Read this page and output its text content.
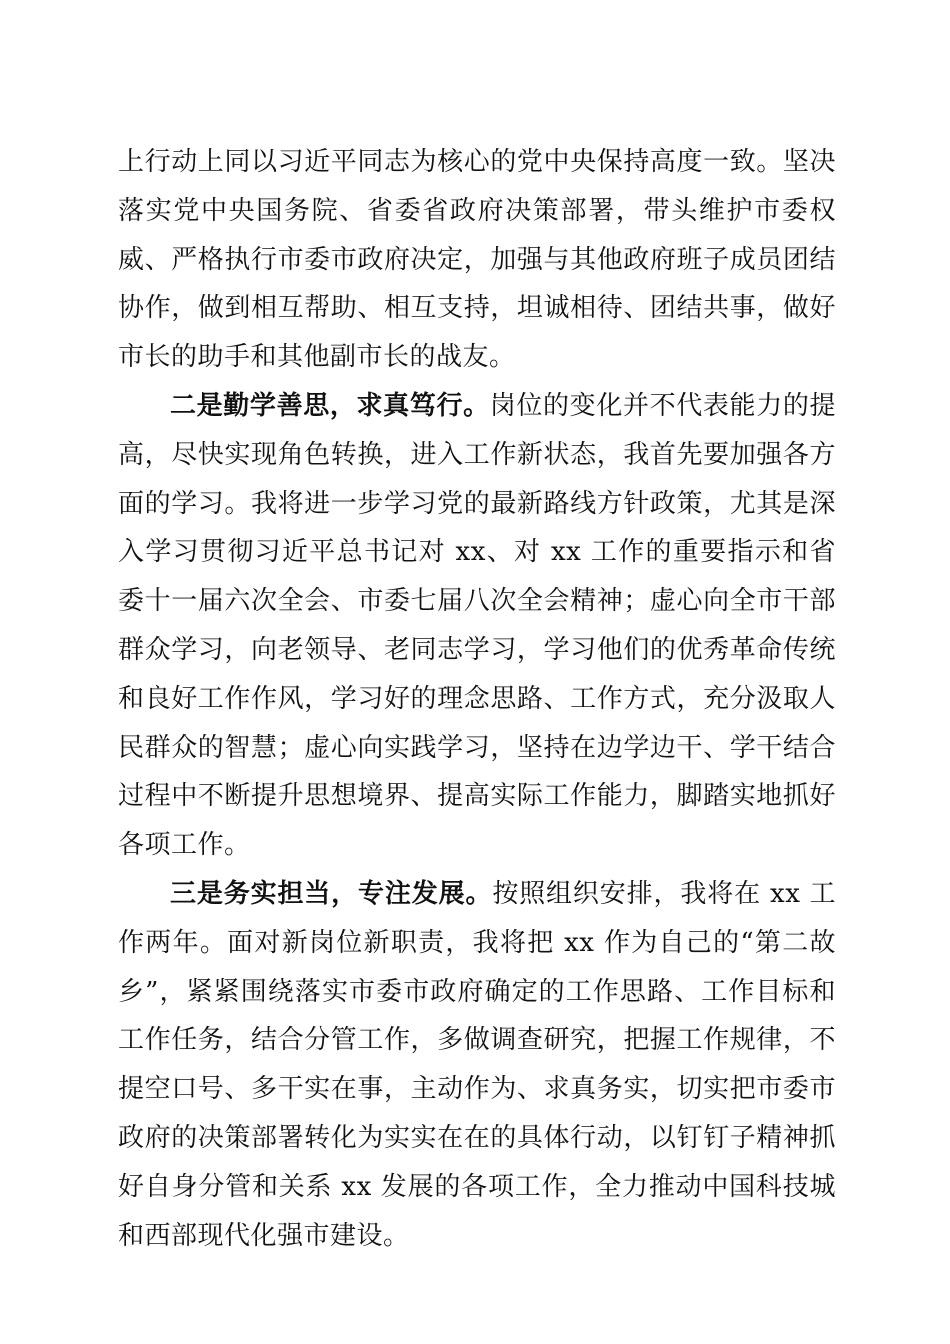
上行动上同以习近平同志为核心的党中央保持高度一致。坚决落实党中央国务院、省委省政府决策部署，带头维护市委权威、严格执行市委市政府决定，加强与其他政府班子成员团结协作，做到相互帮助、相互支持，坦诚相待、团结共事，做好市长的助手和其他副市长的战友。

二是勤学善思，求真笃行。岗位的变化并不代表能力的提高，尽快实现角色转换，进入工作新状态，我首先要加强各方面的学习。我将进一步学习党的最新路线方针政策，尤其是深入学习贯彻习近平总书记对 xx、对 xx 工作的重要指示和省委十一届六次全会、市委七届八次全会精神；虚心向全市干部群众学习，向老领导、老同志学习，学习他们的优秀革命传统和良好工作作风，学习好的理念思路、工作方式，充分汲取人民群众的智慧；虚心向实践学习，坚持在边学边干、学干结合过程中不断提升思想境界、提高实际工作能力，脚踏实地抓好各项工作。

三是务实担当，专注发展。按照组织安排，我将在 xx 工作两年。面对新岗位新职责，我将把 xx 作为自己的“第二故乡”，紧紧围绕落实市委市政府确定的工作思路、工作目标和工作任务，结合分管工作，多做调查研究，把握工作规律，不提空口号、多干实在事，主动作为、求真务实，切实把市委市政府的决策部署转化为实实在在的具体行动，以钉钉子精神抓好自身分管和关系 xx 发展的各项工作，全力推动中国科技城和西部现代化强市建设。
